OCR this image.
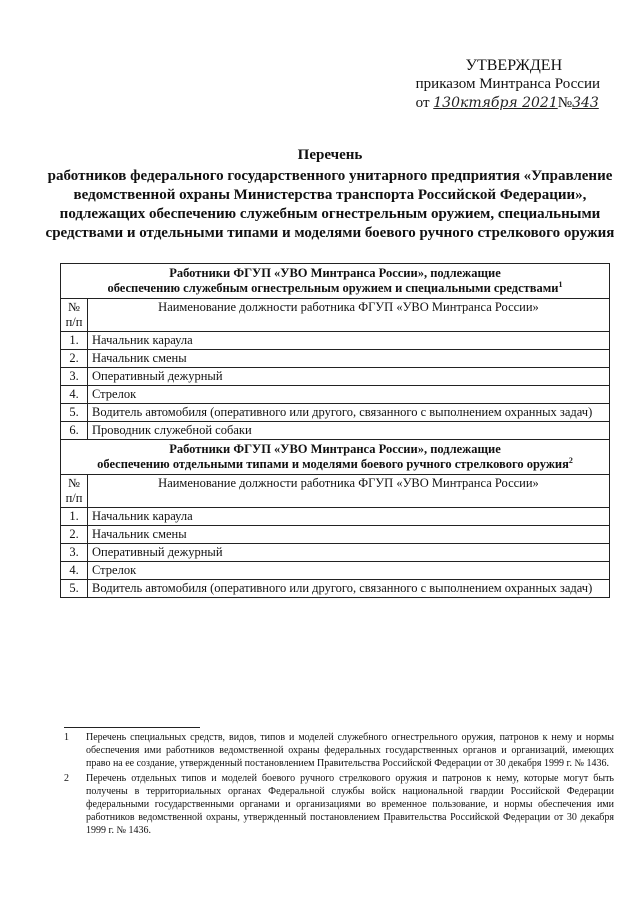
УТВЕРЖДЕН
приказом Минтранса России
от 130ктября 2021№343
Перечень
работников федерального государственного унитарного предприятия «Управление ведомственной охраны Министерства транспорта Российской Федерации», подлежащих обеспечению служебным огнестрельным оружием, специальными средствами и отдельными типами и моделями боевого ручного стрелкового оружия
Работники ФГУП «УВО Минтранса России», подлежащие
обеспечению служебным огнестрельным оружием и специальными средствами$^1$

№ п/п	Наименование должности работника ФГУП «УВО Минтранса России»
1.	Начальник караула
2.	Начальник смены
3.	Оперативный дежурный
4.	Стрелок
5.	Водитель автомобиля (оперативного или другого, связанного с выполнением охранных задач)
6.	Проводник служебной собаки

Работники ФГУП «УВО Минтранса России», подлежащие
обеспечению отдельными типами и моделями боевого ручного стрелкового оружия$^2$

№ п/п	Наименование должности работника ФГУП «УВО Минтранса России»
1.	Начальник караула
2.	Начальник смены
3.	Оперативный дежурный
4.	Стрелок
5.	Водитель автомобиля (оперативного или другого, связанного с выполнением охранных задач)
1	Перечень специальных средств, видов, типов и моделей служебного огнестрельного оружия, патронов к нему и нормы обеспечения ими работников ведомственной охраны федеральных государственных органов и организаций, имеющих право на ее создание, утвержденный постановлением Правительства Российской Федерации от 30 декабря 1999 г. № 1436.
2	Перечень отдельных типов и моделей боевого ручного стрелкового оружия и патронов к нему, которые могут быть получены в территориальных органах Федеральной службы войск национальной гвардии Российской Федерации федеральными государственными органами и организациями во временное пользование, и нормы обеспечения ими работников ведомственной охраны, утвержденный постановлением Правительства Российской Федерации от 30 декабря 1999 г. № 1436.
